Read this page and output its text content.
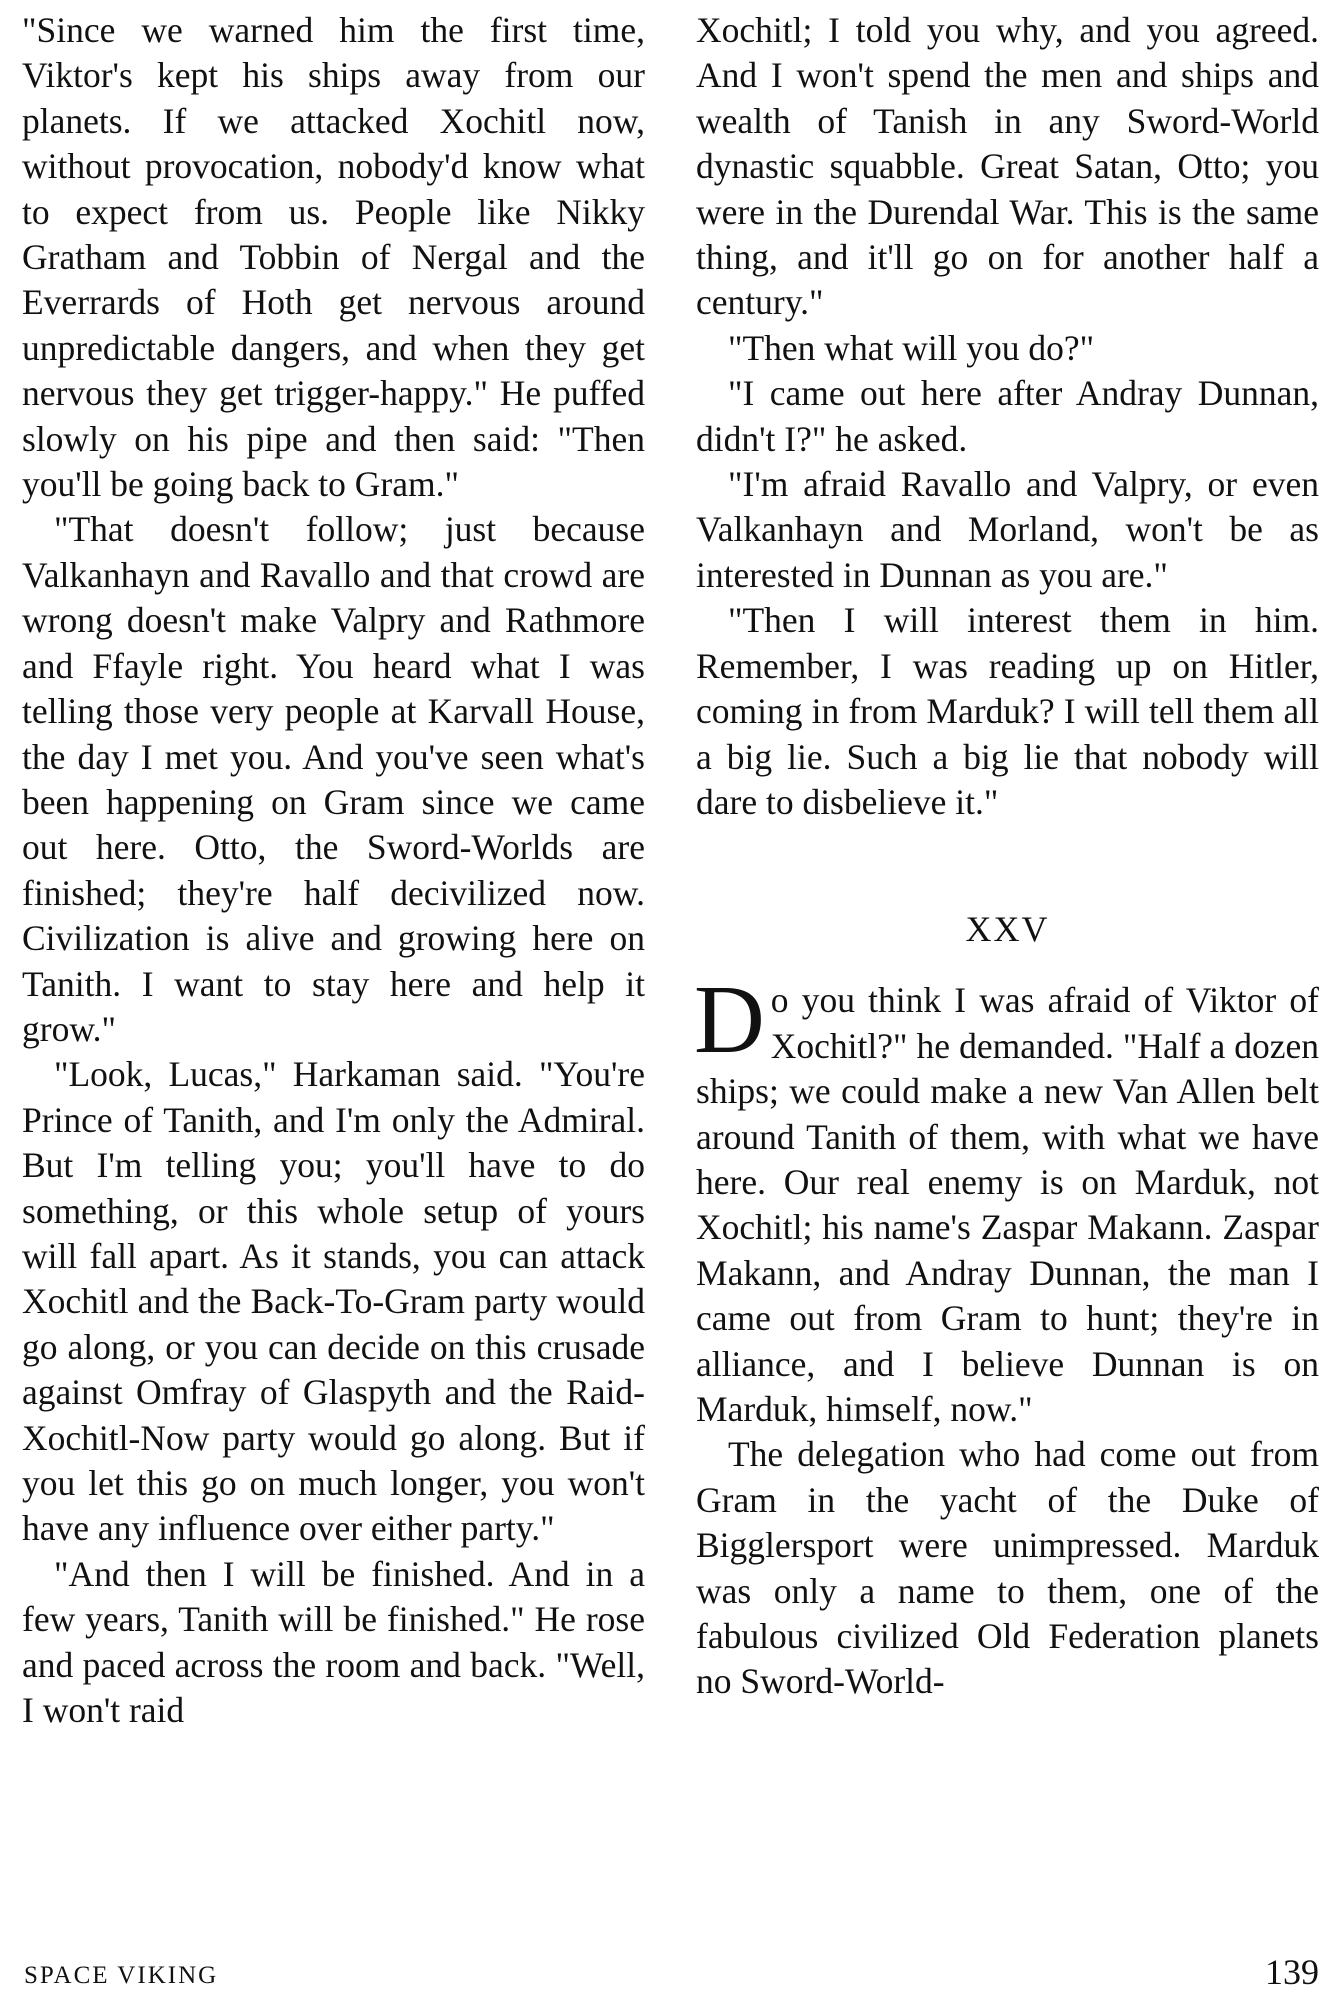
"Since we warned him the first time, Viktor's kept his ships away from our planets. If we attacked Xochitl now, without provocation, nobody'd know what to expect from us. People like Nikky Gratham and Tobbin of Nergal and the Everrards of Hoth get nervous around unpredictable dangers, and when they get nervous they get trigger-happy." He puffed slowly on his pipe and then said: "Then you'll be going back to Gram."

"That doesn't follow; just because Valkanhayn and Ravallo and that crowd are wrong doesn't make Valpry and Rathmore and Ffayle right. You heard what I was telling those very people at Karvall House, the day I met you. And you've seen what's been happening on Gram since we came out here. Otto, the Sword-Worlds are finished; they're half decivilized now. Civilization is alive and growing here on Tanith. I want to stay here and help it grow."

"Look, Lucas," Harkaman said. "You're Prince of Tanith, and I'm only the Admiral. But I'm telling you; you'll have to do something, or this whole setup of yours will fall apart. As it stands, you can attack Xochitl and the Back-To-Gram party would go along, or you can decide on this crusade against Omfray of Glaspyth and the Raid-Xochitl-Now party would go along. But if you let this go on much longer, you won't have any influence over either party."

"And then I will be finished. And in a few years, Tanith will be finished." He rose and paced across the room and back. "Well, I won't raid

Xochitl; I told you why, and you agreed. And I won't spend the men and ships and wealth of Tanish in any Sword-World dynastic squabble. Great Satan, Otto; you were in the Durendal War. This is the same thing, and it'll go on for another half a century."

"Then what will you do?"

"I came out here after Andray Dunnan, didn't I?" he asked.

"I'm afraid Ravallo and Valpry, or even Valkanhayn and Morland, won't be as interested in Dunnan as you are."

"Then I will interest them in him. Remember, I was reading up on Hitler, coming in from Marduk? I will tell them all a big lie. Such a big lie that nobody will dare to disbelieve it."

XXV

Do you think I was afraid of Viktor of Xochitl?" he demanded. "Half a dozen ships; we could make a new Van Allen belt around Tanith of them, with what we have here. Our real enemy is on Marduk, not Xochitl; his name's Zaspar Makann. Zaspar Makann, and Andray Dunnan, the man I came out from Gram to hunt; they're in alliance, and I believe Dunnan is on Marduk, himself, now."

The delegation who had come out from Gram in the yacht of the Duke of Bigglersport were unimpressed. Marduk was only a name to them, one of the fabulous civilized Old Federation planets no Sword-World-

SPACE VIKING	139
